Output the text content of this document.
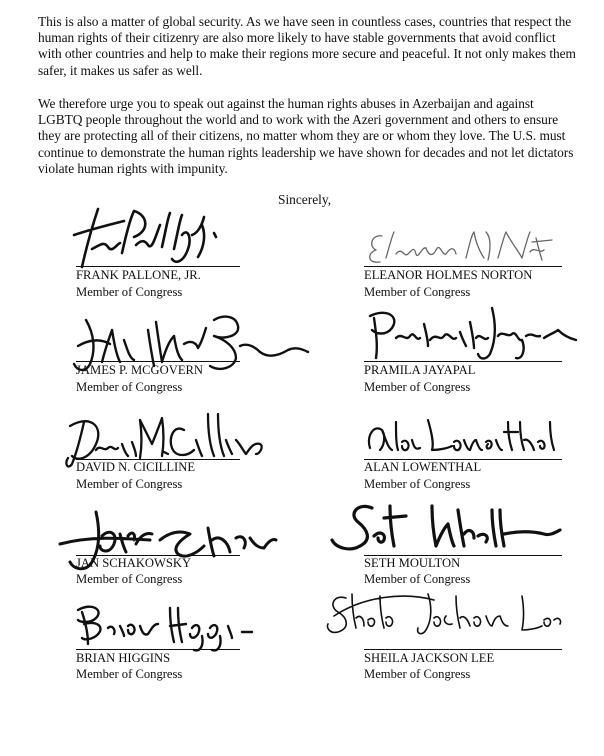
This is also a matter of global security. As we have seen in countless cases, countries that respect the human rights of their citizenry are also more likely to have stable governments that avoid conflict with other countries and help to make their regions more secure and peaceful. It not only makes them safer, it makes us safer as well.

We therefore urge you to speak out against the human rights abuses in Azerbaijan and against LGBTQ people throughout the world and to work with the Azeri government and others to ensure they are protecting all of their citizens, no matter whom they are or whom they love. The U.S. must continue to demonstrate the human rights leadership we have shown for decades and not let dictators violate human rights with impunity.

Sincerely,
FRANK PALLONE, JR.
Member of Congress
ELEANOR HOLMES NORTON
Member of Congress
JAMES P. MCGOVERN
Member of Congress
PRAMILA JAYAPAL
Member of Congress
DAVID N. CICILLINE
Member of Congress
ALAN LOWENTHAL
Member of Congress
JAN SCHAKOWSKY
Member of Congress
SETH MOULTON
Member of Congress
BRIAN HIGGINS
Member of Congress
SHEILA JACKSON LEE
Member of Congress
